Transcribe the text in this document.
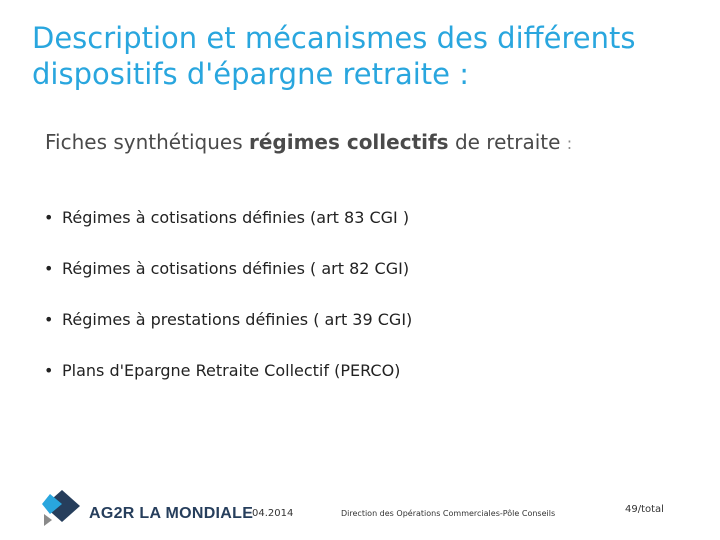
Description et mécanismes des différents
dispositifs d'épargne retraite :
Fiches synthétiques régimes collectifs de retraite :
• Régimes à cotisations définies (art 83 CGI )
• Régimes à cotisations définies ( art 82 CGI)
• Régimes à prestations définies ( art 39 CGI)
• Plans d'Epargne Retraite Collectif (PERCO)
AG2R LA MONDIALE
04.2014	Direction des Opérations Commerciales-Pôle Conseils	49/total
